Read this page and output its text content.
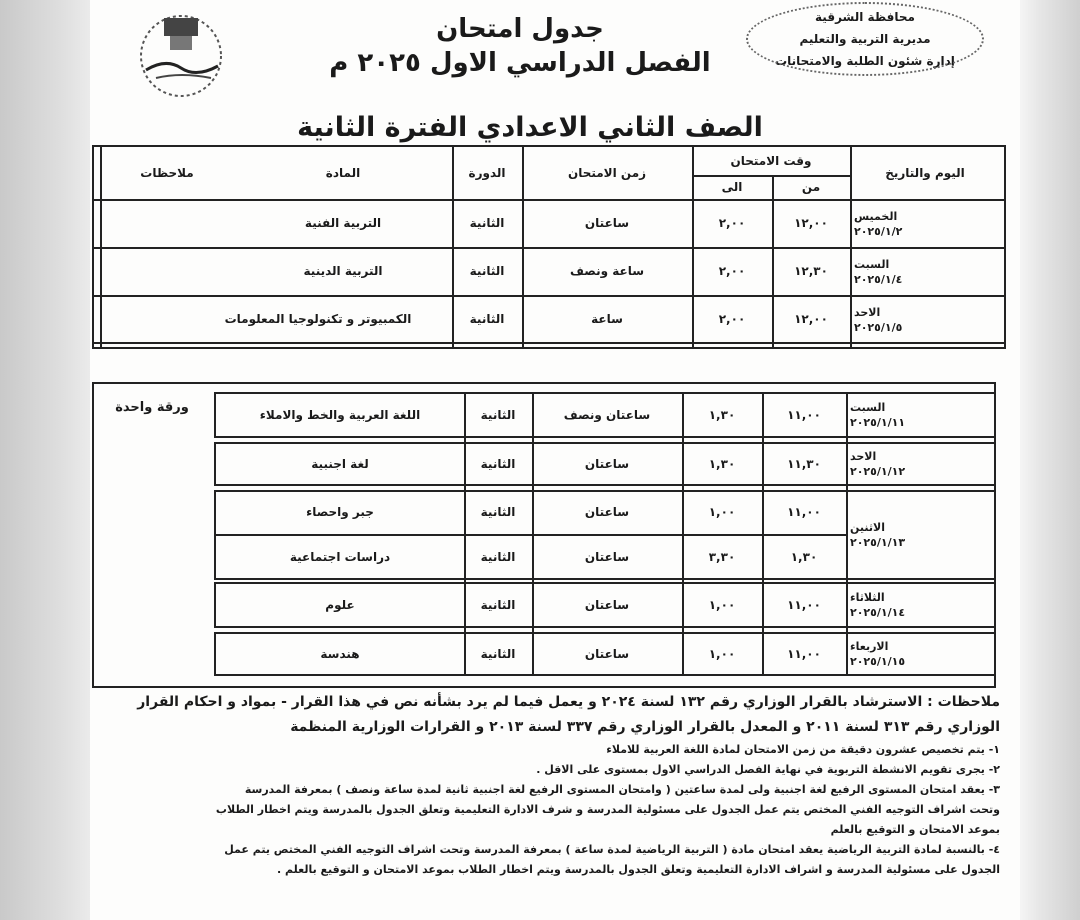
محافظة الشرقية
مديرية التربية والتعليم
إدارة شئون الطلبة والامتحانات
جدول امتحان
الفصل الدراسي الاول ٢٠٢٥ م
الصف الثاني الاعدادي الفترة الثانية
اليوم والتاريخ
وقت الامتحان
من
الى
زمن الامتحان
الدورة
المادة
ملاحظات
الخميس
٢٠٢٥/١/٢
١٢,٠٠
٢,٠٠
ساعتان
الثانية
التربية الفنية
السبت
٢٠٢٥/١/٤
١٢,٣٠
٢,٠٠
ساعة ونصف
الثانية
التربية الدينية
الاحد
٢٠٢٥/١/٥
١٢,٠٠
٢,٠٠
ساعة
الثانية
الكمبيوتر و تكنولوجيا المعلومات
ورقة واحدة	السبت
٢٠٢٥/١/١١
١١,٠٠
١,٣٠
ساعتان ونصف
الثانية
اللغة العربية والخط والاملاء
الاحد
٢٠٢٥/١/١٢
١١,٣٠
١,٣٠
ساعتان
الثانية
لغة اجنبية
الاثنين
٢٠٢٥/١/١٣
١١,٠٠
١,٠٠
ساعتان
الثانية
جبر واحصاء
١,٣٠
٣,٣٠
ساعتان
الثانية
دراسات اجتماعية
الثلاثاء
٢٠٢٥/١/١٤
١١,٠٠
١,٠٠
ساعتان
الثانية
علوم
الاربعاء
٢٠٢٥/١/١٥
١١,٠٠
١,٠٠
ساعتان
الثانية
هندسة
ملاحظات : الاسترشاد بالقرار الوزاري رقم ١٣٢ لسنة ٢٠٢٤ و يعمل فيما لم يرد بشأنه نص في هذا القرار - بمواد و احكام القرار
الوزاري رقم ٣١٣ لسنة ٢٠١١ و المعدل بالقرار الوزاري رقم ٣٣٧ لسنة ٢٠١٣ و القرارات الوزارية المنظمة
١- يتم تخصيص عشرون دقيقة من زمن الامتحان لمادة اللغة العربية للاملاء
٢- يجرى تقويم الانشطة التربوية في نهاية الفصل الدراسي الاول بمستوى على الاقل .
٣- يعقد امتحان المستوى الرفيع لغة اجنبية ولى لمدة ساعتين ( وامتحان المستوى الرفيع لغة اجنبية ثانية لمدة ساعة ونصف ) بمعرفة المدرسة
وتحت اشراف التوجيه الفني المختص يتم عمل الجدول على مسئولية المدرسة و شرف الادارة التعليمية وتعلق الجدول بالمدرسة ويتم اخطار الطلاب
بموعد الامتحان و التوقيع بالعلم
٤- بالنسبة لمادة التربية الرياضية يعقد امتحان مادة ( التربية الرياضية لمدة ساعة ) بمعرفة المدرسة وتحت اشراف التوجيه الفني المختص يتم عمل
الجدول على مسئولية المدرسة و اشراف الادارة التعليمية وتعلق الجدول بالمدرسة ويتم اخطار الطلاب بموعد الامتحان و التوقيع بالعلم .
